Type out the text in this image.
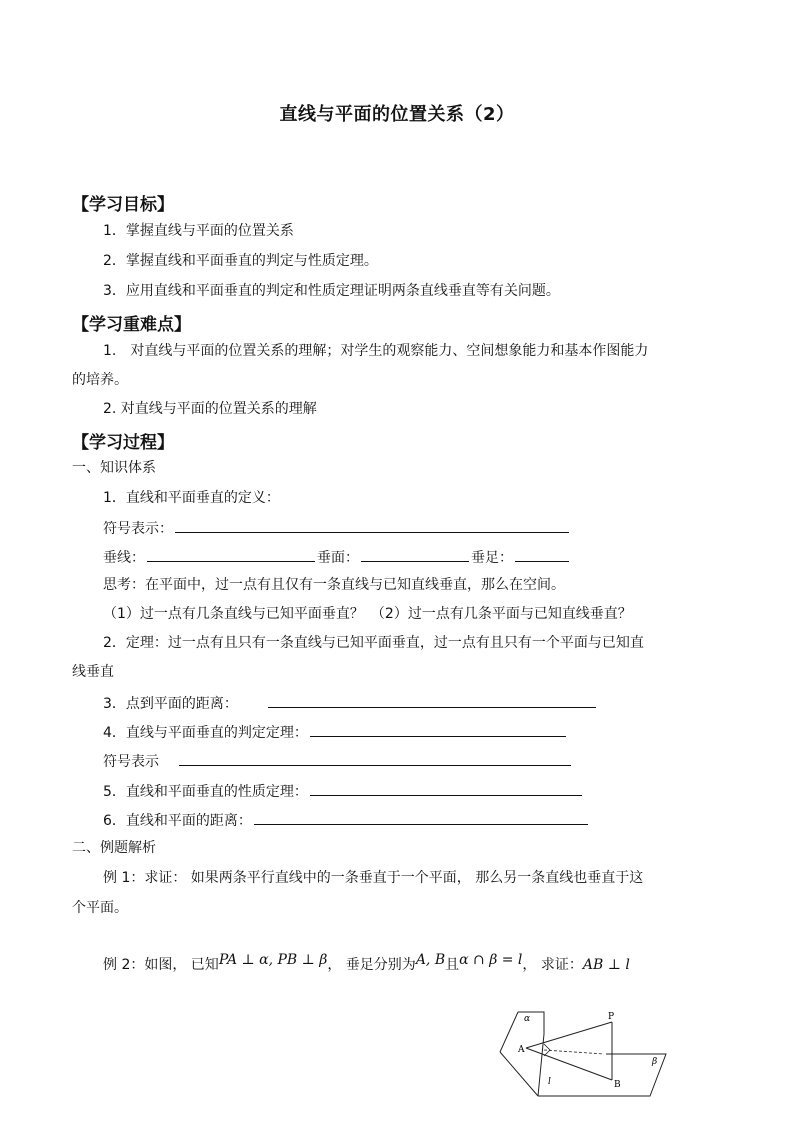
直线与平面的位置关系（2）
【学习目标】
1．掌握直线与平面的位置关系
2．掌握直线和平面垂直的判定与性质定理。
3．应用直线和平面垂直的判定和性质定理证明两条直线垂直等有关问题。
【学习重难点】
1.　对直线与平面的位置关系的理解；对学生的观察能力、空间想象能力和基本作图能力
的培养。
2. 对直线与平面的位置关系的理解
【学习过程】
一、知识体系
1．直线和平面垂直的定义：
符号表示：
垂线：	垂面：	垂足：
思考：在平面中，过一点有且仅有一条直线与已知直线垂直，那么在空间。
（1）过一点有几条直线与已知平面垂直？　（2）过一点有几条平面与已知直线垂直？
2．定理：过一点有且只有一条直线与已知平面垂直，过一点有且只有一个平面与已知直
线垂直
3．点到平面的距离：
4．直线与平面垂直的判定定理：
符号表示
5．直线和平面垂直的性质定理：
6．直线和平面的距离：
二、例题解析
例 1：求证： 如果两条平行直线中的一条垂直于一个平面， 那么另一条直线也垂直于这
个平面。
例 2：如图， 已知PA ⊥ α, PB ⊥ β， 垂足分别为A, B且α ∩ β = l， 求证：AB ⊥ l
α
β
P
A
B
l
